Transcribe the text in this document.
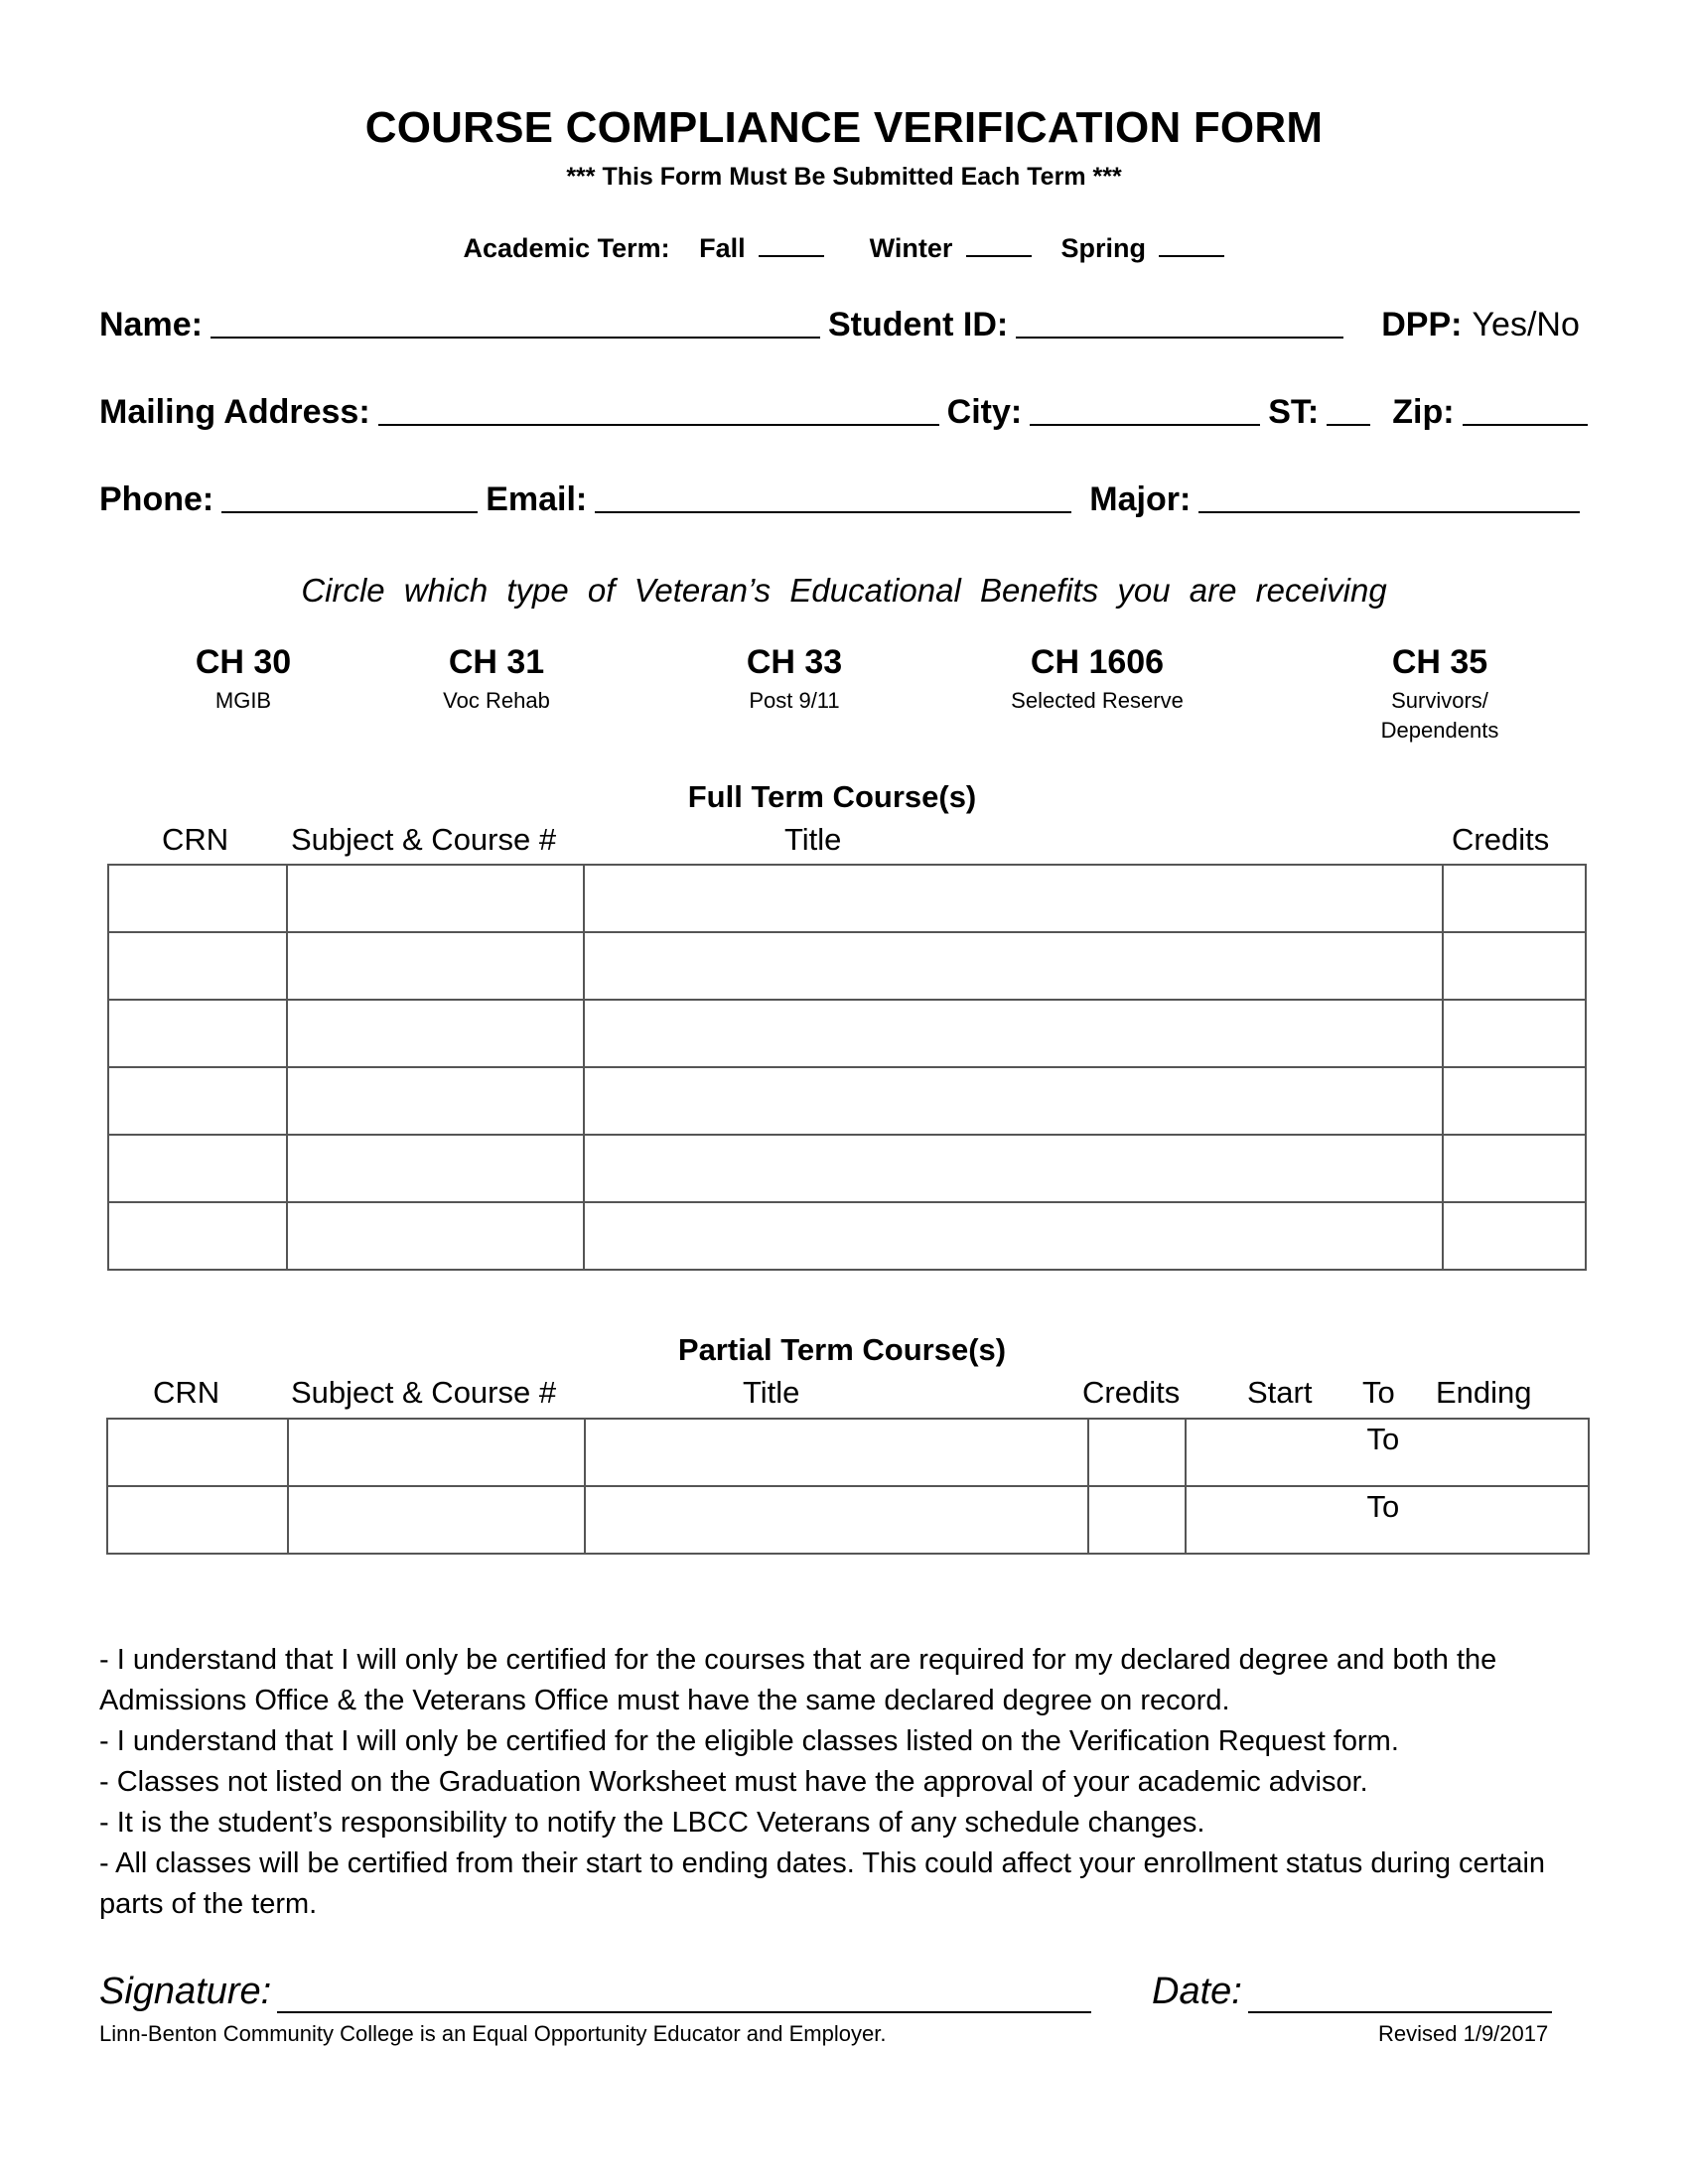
COURSE COMPLIANCE VERIFICATION FORM
*** This Form Must Be Submitted Each Term ***
Academic Term: Fall	Winter	Spring
Name:	Student ID:	DPP: Yes/No
Mailing Address:	City:	ST: Zip:
Phone:	Email:	Major:
Circle which type of Veteran’s Educational Benefits you are receiving
CH 30
MGIB
CH 31
Voc Rehab
CH 33
Post 9/11
CH 1606
Selected Reserve
CH 35
Survivors/ Dependents
Full Term Course(s)
CRN Subject & Course #	Title	Credits

Partial Term Course(s)
CRN Subject & Course #	Title	Credits Start To Ending

				To

				To

- I understand that I will only be certified for the courses that are required for my declared degree and both the Admissions Office & the Veterans Office must have the same declared degree on record.

- I understand that I will only be certified for the eligible classes listed on the Verification Request form.

- Classes not listed on the Graduation Worksheet must have the approval of your academic advisor.

- It is the student’s responsibility to notify the LBCC Veterans of any schedule changes.

- All classes will be certified from their start to ending dates. This could affect your enrollment status during certain parts of the term.

Signature:	Date:
Linn-Benton Community College is an Equal Opportunity Educator and Employer.	Revised 1/9/2017
